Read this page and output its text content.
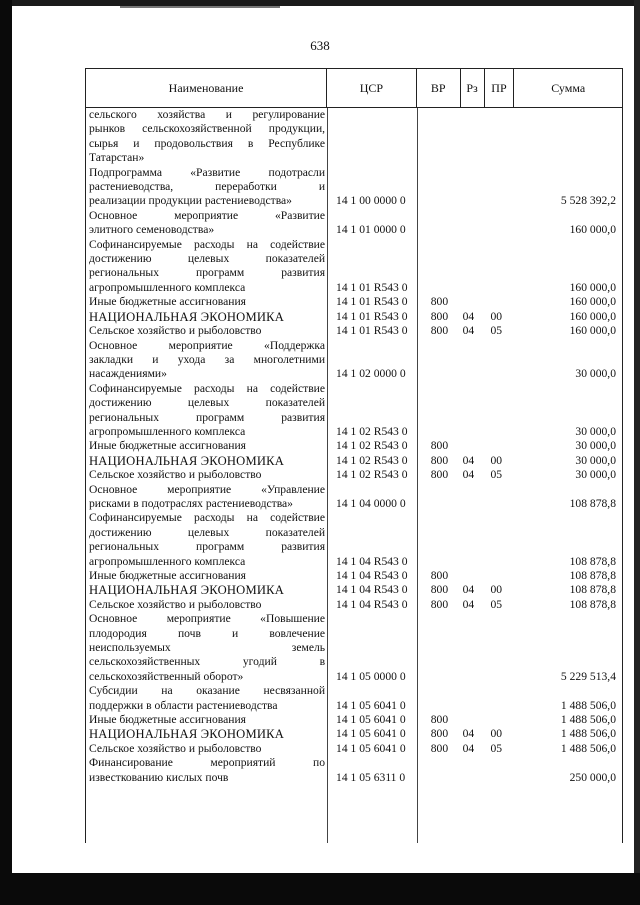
638
Наименование	ЦСР	ВР	Рз	ПР	Сумма
сельского хозяйства и регулирование
рынков сельскохозяйственной продукции,
сырья и продовольствия в Республике
Татарстан»
Подпрограмма «Развитие подотрасли
растениеводства, переработки и
реализации продукции растениеводства»	14 1 00 0000 0	5 528 392,2
Основное мероприятие «Развитие
элитного семеноводства»	14 1 01 0000 0	160 000,0
Софинансируемые расходы на содействие
достижению целевых показателей
региональных программ развития
агропромышленного комплекса	14 1 01 R543 0	160 000,0
Иные бюджетные ассигнования	14 1 01 R543 0	800	160 000,0
НАЦИОНАЛЬНАЯ ЭКОНОМИКА	14 1 01 R543 0	800	04	00	160 000,0
Сельское хозяйство и рыболовство	14 1 01 R543 0	800	04	05	160 000,0
Основное мероприятие «Поддержка
закладки и ухода за многолетними
насаждениями»	14 1 02 0000 0	30 000,0
Софинансируемые расходы на содействие
достижению целевых показателей
региональных программ развития
агропромышленного комплекса	14 1 02 R543 0	30 000,0
Иные бюджетные ассигнования	14 1 02 R543 0	800	30 000,0
НАЦИОНАЛЬНАЯ ЭКОНОМИКА	14 1 02 R543 0	800	04	00	30 000,0
Сельское хозяйство и рыболовство	14 1 02 R543 0	800	04	05	30 000,0
Основное мероприятие «Управление
рисками в подотраслях растениеводства»	14 1 04 0000 0	108 878,8
Софинансируемые расходы на содействие
достижению целевых показателей
региональных программ развития
агропромышленного комплекса	14 1 04 R543 0	108 878,8
Иные бюджетные ассигнования	14 1 04 R543 0	800	108 878,8
НАЦИОНАЛЬНАЯ ЭКОНОМИКА	14 1 04 R543 0	800	04	00	108 878,8
Сельское хозяйство и рыболовство	14 1 04 R543 0	800	04	05	108 878,8
Основное мероприятие «Повышение
плодородия почв и вовлечение
неиспользуемых земель
сельскохозяйственных угодий в
сельскохозяйственный оборот»	14 1 05 0000 0	5 229 513,4
Субсидии на оказание несвязанной
поддержки в области растениеводства	14 1 05 6041 0	1 488 506,0
Иные бюджетные ассигнования	14 1 05 6041 0	800	1 488 506,0
НАЦИОНАЛЬНАЯ ЭКОНОМИКА	14 1 05 6041 0	800	04	00	1 488 506,0
Сельское хозяйство и рыболовство	14 1 05 6041 0	800	04	05	1 488 506,0
Финансирование мероприятий по
известкованию кислых почв	14 1 05 6311 0	250 000,0
